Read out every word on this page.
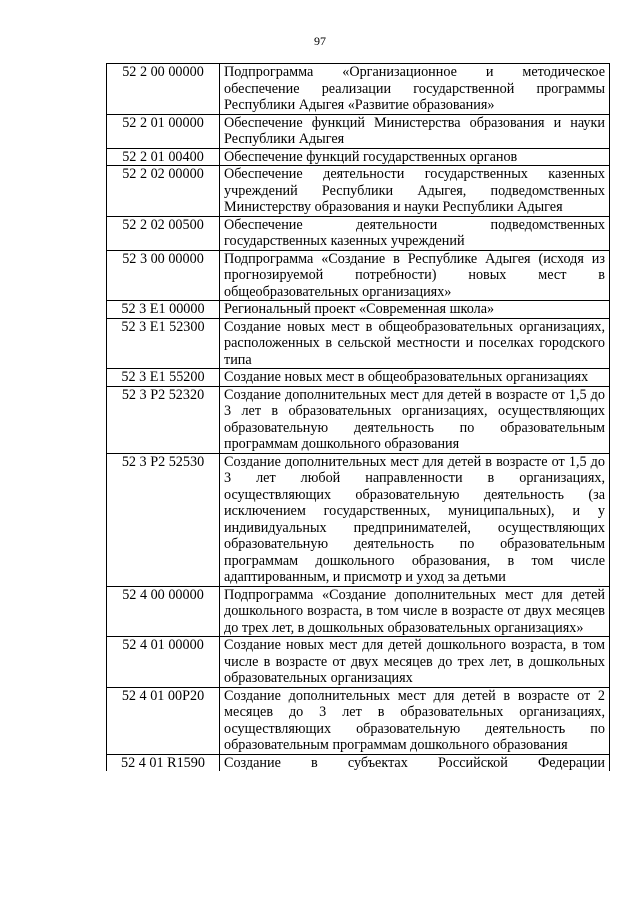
97
52 2 00 00000	Подпрограмма «Организационное и методическое обеспечение реализации государственной программы Республики Адыгея «Развитие образования»
52 2 01 00000	Обеспечение функций Министерства образования и науки Республики Адыгея
52 2 01 00400	Обеспечение функций государственных органов
52 2 02 00000	Обеспечение деятельности государственных казенных учреждений Республики Адыгея, подведомственных Министерству образования и науки Республики Адыгея
52 2 02 00500	Обеспечение деятельности подведомственных государственных казенных учреждений
52 3 00 00000	Подпрограмма «Создание в Республике Адыгея (исходя из прогнозируемой потребности) новых мест в общеобразовательных организациях»
52 3 E1 00000	Региональный проект «Современная школа»
52 3 E1 52300	Создание новых мест в общеобразовательных организациях, расположенных в сельской местности и поселках городского типа
52 3 E1 55200	Создание новых мест в общеобразовательных организациях
52 3 P2 52320	Создание дополнительных мест для детей в возрасте от 1,5 до 3 лет в образовательных организациях, осуществляющих образовательную деятельность по образовательным программам дошкольного образования
52 3 P2 52530	Создание дополнительных мест для детей в возрасте от 1,5 до 3 лет любой направленности в организациях, осуществляющих образовательную деятельность (за исключением государственных, муниципальных), и у индивидуальных предпринимателей, осуществляющих образовательную деятельность по образовательным программам дошкольного образования, в том числе адаптированным, и присмотр и уход за детьми
52 4 00 00000	Подпрограмма «Создание дополнительных мест для детей дошкольного возраста, в том числе в возрасте от двух месяцев до трех лет, в дошкольных образовательных организациях»
52 4 01 00000	Создание новых мест для детей дошкольного возраста, в том числе в возрасте от двух месяцев до трех лет, в дошкольных образовательных организациях
52 4 01 00P20	Создание дополнительных мест для детей в возрасте от 2 месяцев до 3 лет в образовательных организациях, осуществляющих образовательную деятельность по образовательным программам дошкольного образования
52 4 01 R1590	Создание в субъектах Российской Федерации
